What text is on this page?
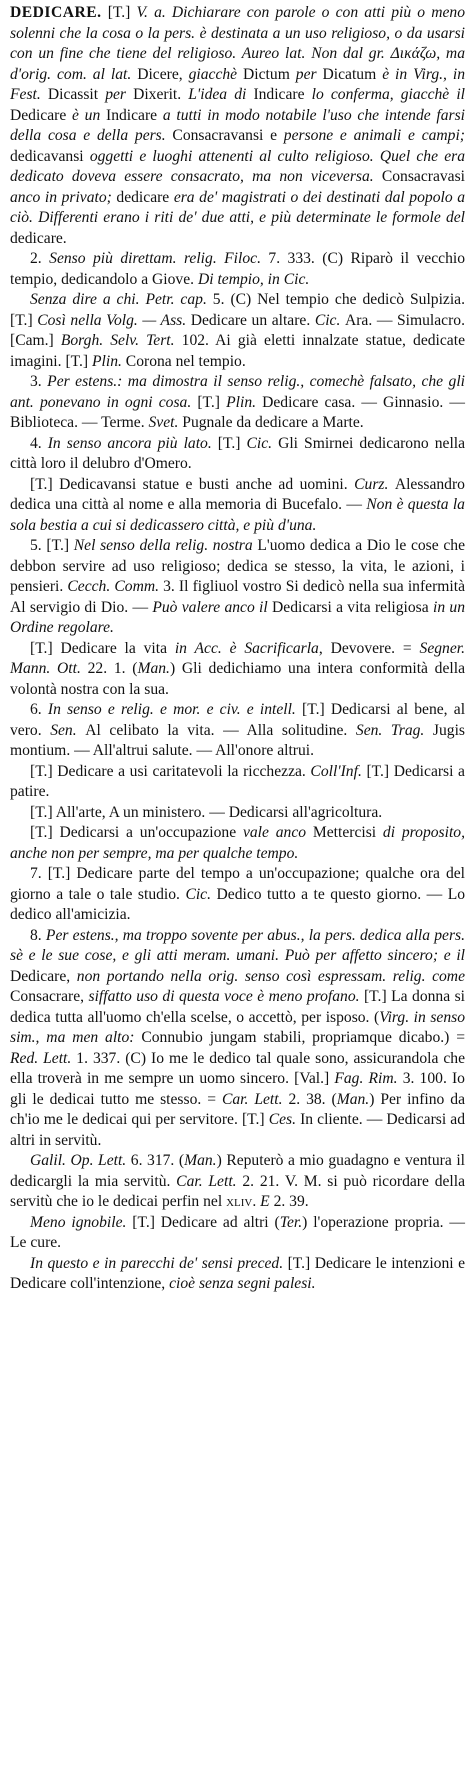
DEDICARE. [T.] V. a. Dichiarare con parole o con atti più o meno solenni che la cosa o la pers. è destinata a un uso religioso, o da usarsi con un fine che tiene del religioso. Aureo lat. Non dal gr. Δικάζω, ma d'orig. com. al lat. Dicere, giacchè Dictum per Dicatum è in Virg., in Fest. Dicassit per Dixerit. L'idea di Indicare lo conferma, giacchè il Dedicare è un Indicare a tutti in modo notabile l'uso che intende farsi della cosa e della pers. Consacravansi e persone e animali e campi; dedicavansi oggetti e luoghi attenenti al culto religioso. Quel che era dedicato doveva essere consacrato, ma non viceversa. Consacravasi anco in privato; dedicare era de' magistrati o dei destinati dal popolo a ciò. Differenti erano i riti de' due atti, e più determinate le formole del dedicare.

2. Senso più direttam. relig. Filoc. 7. 333. (C) Riparò il vecchio tempio, dedicandolo a Giove. Di tempio, in Cic.

Senza dire a chi. Petr. cap. 5. (C) Nel tempio che dedicò Sulpizia. [T.] Così nella Volg. — Ass. Dedicare un altare. Cic. Ara. — Simulacro. [Cam.] Borgh. Selv. Tert. 102. Ai già eletti innalzate statue, dedicate imagini. [T.] Plin. Corona nel tempio.

3. Per estens.: ma dimostra il senso relig., comechè falsato, che gli ant. ponevano in ogni cosa. [T.] Plin. Dedicare casa. — Ginnasio. — Biblioteca. — Terme. Svet. Pugnale da dedicare a Marte.

4. In senso ancora più lato. [T.] Cic. Gli Smirnei dedicarono nella città loro il delubro d'Omero.

[T.] Dedicavansi statue e busti anche ad uomini. Curz. Alessandro dedica una città al nome e alla memoria di Bucefalo. — Non è questa la sola bestia a cui si dedicassero città, e più d'una.

5. [T.] Nel senso della relig. nostra L'uomo dedica a Dio le cose che debbon servire ad uso religioso; dedica se stesso, la vita, le azioni, i pensieri. Cecch. Comm. 3. Il figliuol vostro Si dedicò nella sua infermità Al servigio di Dio. — Può valere anco il Dedicarsi a vita religiosa in un Ordine regolare.

[T.] Dedicare la vita in Acc. è Sacrificarla, Devovere. = Segner. Mann. Ott. 22. 1. (Man.) Gli dedichiamo una intera conformità della volontà nostra con la sua.

6. In senso e relig. e mor. e civ. e intell. [T.] Dedicarsi al bene, al vero. Sen. Al celibato la vita. — Alla solitudine. Sen. Trag. Jugis montium. — All'altrui salute. — All'onore altrui.

[T.] Dedicare a usi caritatevoli la ricchezza. Coll'Inf. [T.] Dedicarsi a patire.

[T.] All'arte, A un ministero. — Dedicarsi all'agricoltura.

[T.] Dedicarsi a un'occupazione vale anco Mettercisi di proposito, anche non per sempre, ma per qualche tempo.

7. [T.] Dedicare parte del tempo a un'occupazione; qualche ora del giorno a tale o tale studio. Cic. Dedico tutto a te questo giorno. — Lo dedico all'amicizia.

8. Per estens., ma troppo sovente per abus., la pers. dedica alla pers. sè e le sue cose, e gli atti meram. umani. Può per affetto sincero; e il Dedicare, non portando nella orig. senso così espressam. relig. come Consacrare, siffatto uso di questa voce è meno profano. [T.] La donna si dedica tutta all'uomo ch'ella scelse, o accettò, per isposo. (Virg. in senso sim., ma men alto: Connubio jungam stabili, propriamque dicabo.) = Red. Lett. 1. 337. (C) Io me le dedico tal quale sono, assicurandola che ella troverà in me sempre un uomo sincero. [Val.] Fag. Rim. 3. 100. Io gli le dedicai tutto me stesso. = Car. Lett. 2. 38. (Man.) Per infino da ch'io me le dedicai qui per servitore. [T.] Ces. In cliente. — Dedicarsi ad altri in servitù.

Galil. Op. Lett. 6. 317. (Man.) Reputerò a mio guadagno e ventura il dedicargli la mia servitù. Car. Lett. 2. 21. V. M. si può ricordare della servitù che io le dedicai perfin nel xliv. E 2. 39.

Meno ignobile. [T.] Dedicare ad altri (Ter.) l'operazione propria. — Le cure.

In questo e in parecchi de' sensi preced. [T.] Dedicare le intenzioni e Dedicare coll'intenzione, cioè senza segni palesi.
